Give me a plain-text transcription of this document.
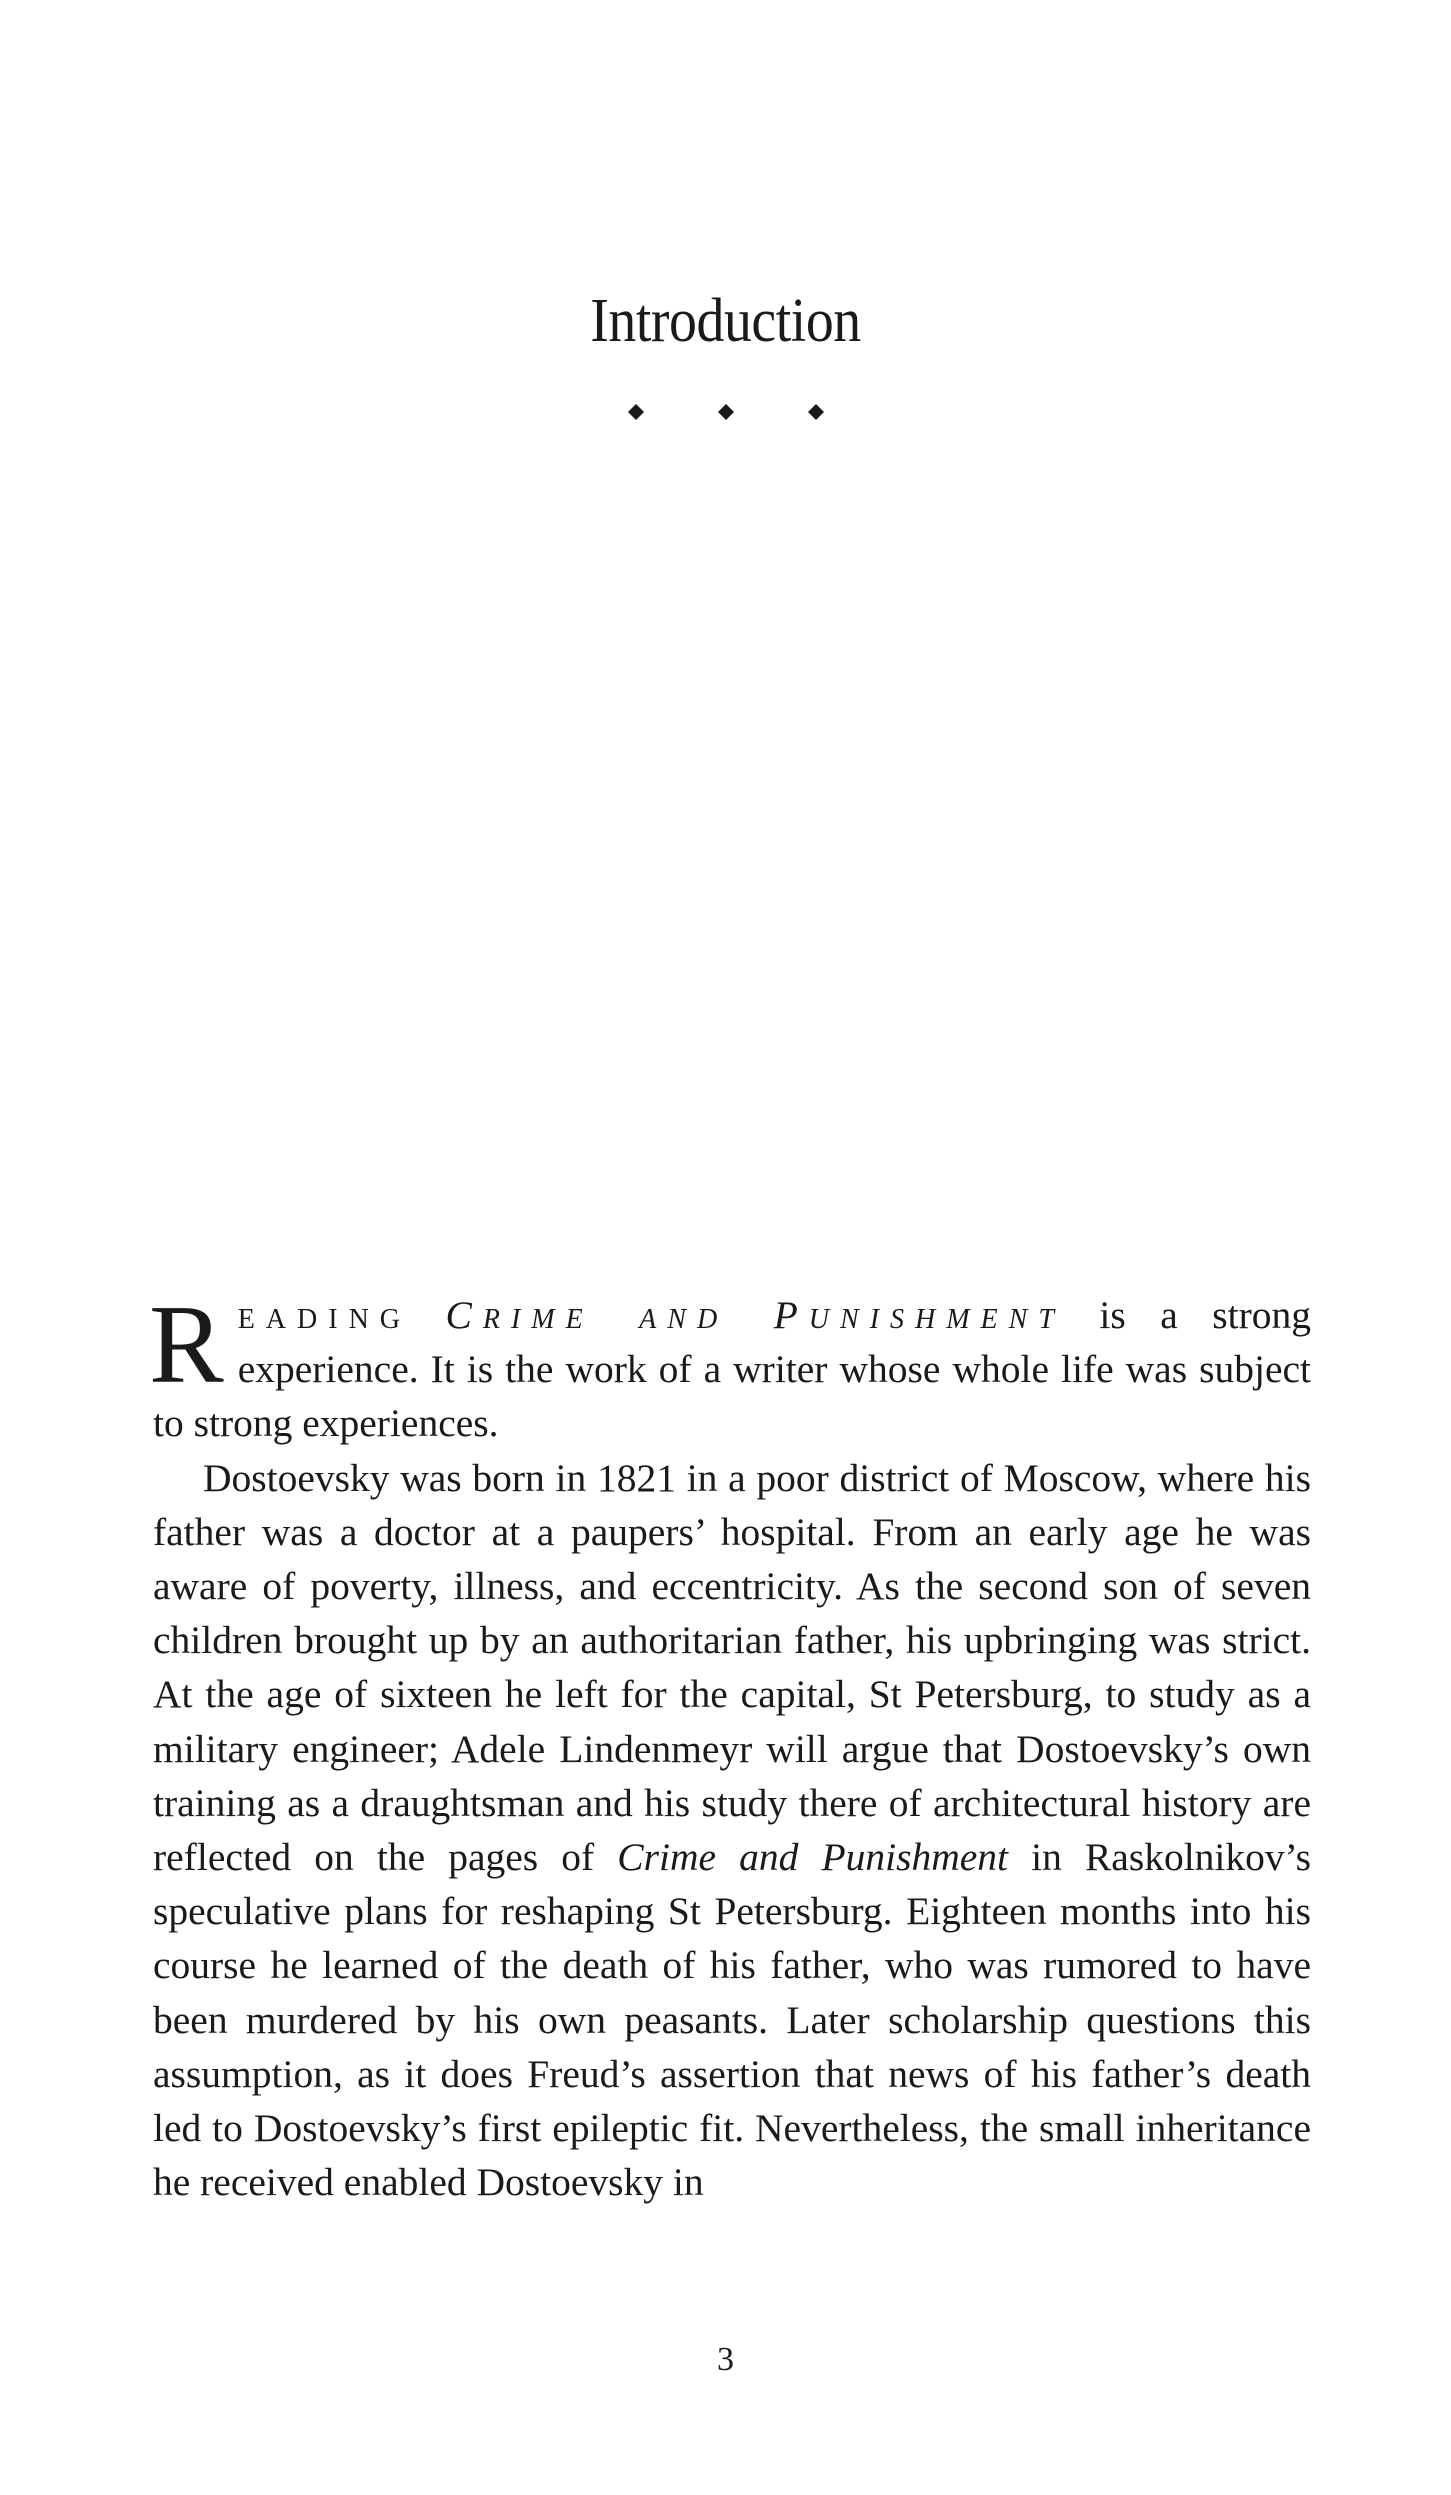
Introduction

Reading Crime and Punishment is a strong experience. It is the work of a writer whose whole life was subject to strong experiences.

Dostoevsky was born in 1821 in a poor district of Moscow, where his father was a doctor at a paupers’ hospital. From an early age he was aware of poverty, illness, and eccentricity. As the second son of seven children brought up by an authoritarian father, his upbringing was strict. At the age of sixteen he left for the capital, St Petersburg, to study as a military engineer; Adele Lindenmeyr will argue that Dostoevsky’s own training as a draughtsman and his study there of architectural history are reflected on the pages of Crime and Punishment in Raskolnikov’s speculative plans for reshaping St Petersburg. Eighteen months into his course he learned of the death of his father, who was rumored to have been murdered by his own peasants. Later scholarship questions this assumption, as it does Freud’s assertion that news of his father’s death led to Dostoevsky’s first epileptic fit. Nevertheless, the small inheritance he received enabled Dostoevsky in

3
